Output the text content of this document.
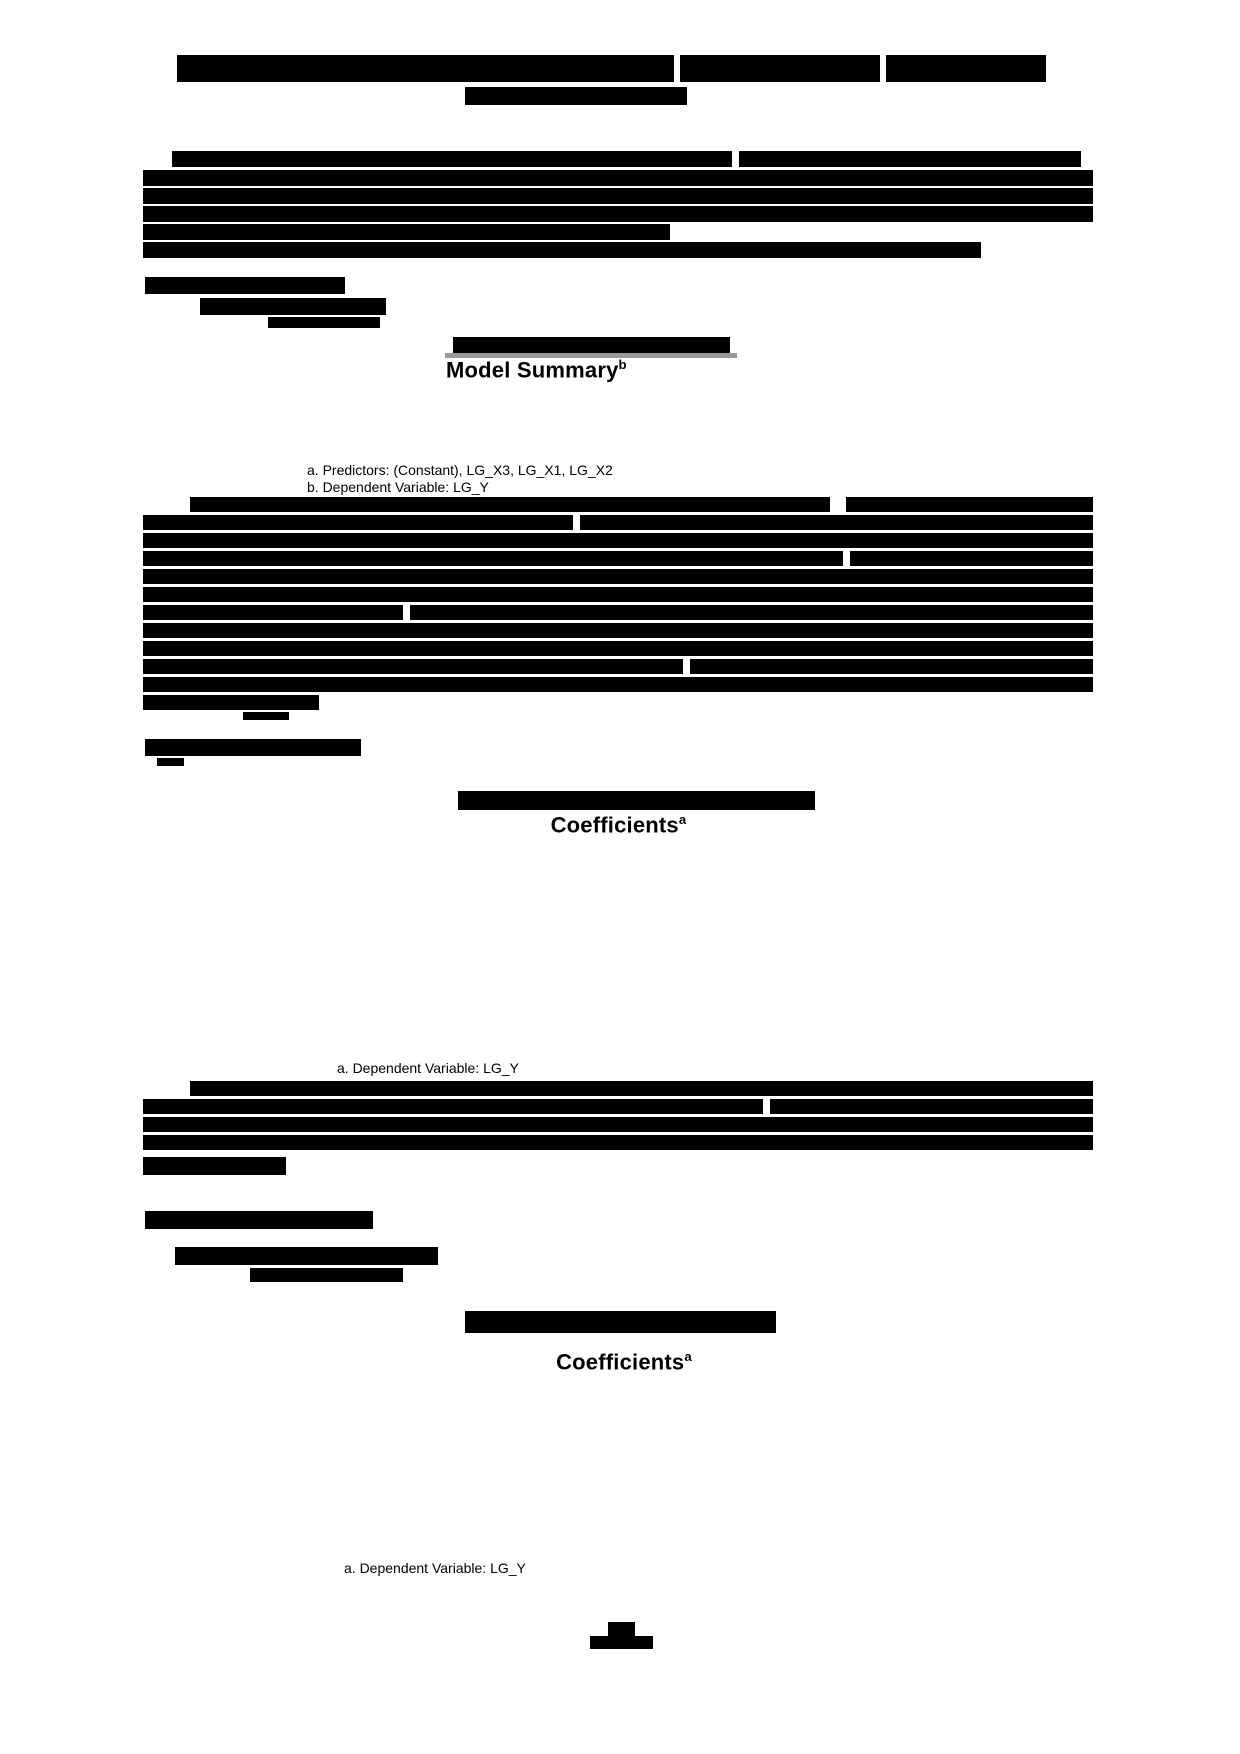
Model Summary$^b$
a. Predictors: (Constant), LG_X3, LG_X1, LG_X2
b. Dependent Variable: LG_Y
Coefficients$^a$
a. Dependent Variable: LG_Y
Coefficients$^a$
a. Dependent Variable: LG_Y
